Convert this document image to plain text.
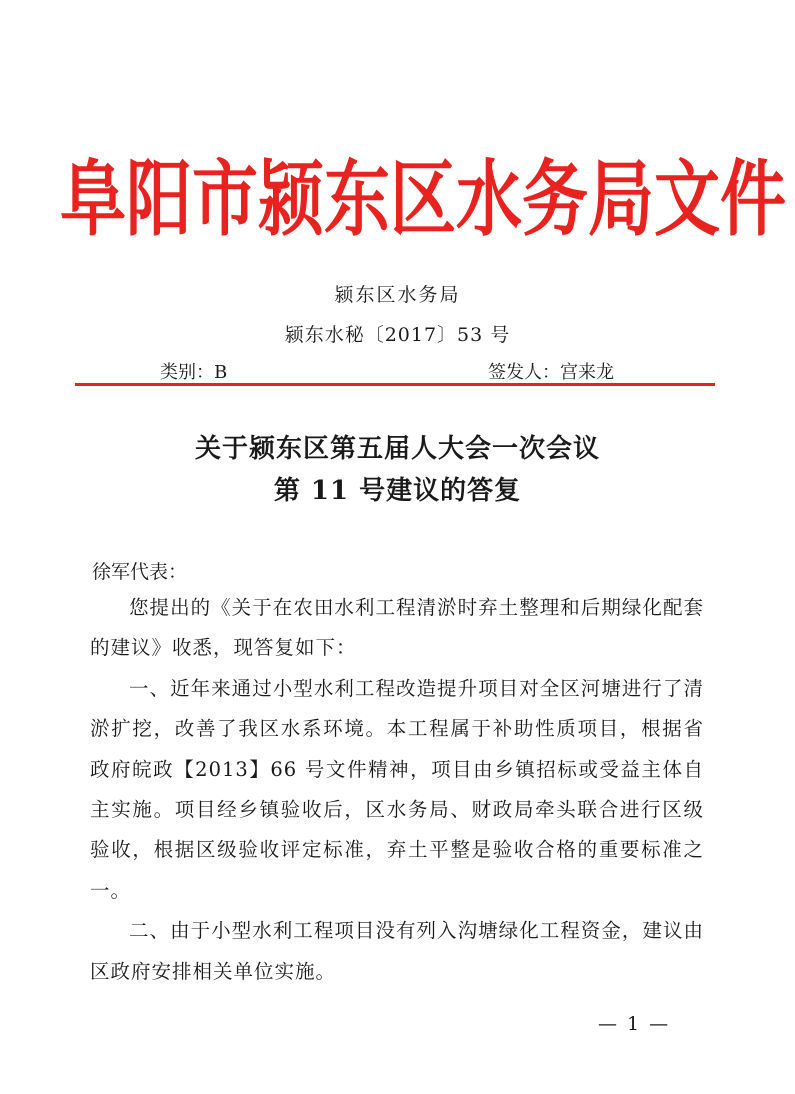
阜阳市颍东区水务局文件
颍东区水务局
颍东水秘〔2017〕53 号
类别：B	签发人：宫来龙
关于颍东区第五届人大会一次会议
第 11 号建议的答复
徐军代表：

您提出的《关于在农田水利工程清淤时弃土整理和后期绿化配套的建议》收悉，现答复如下：

一、近年来通过小型水利工程改造提升项目对全区河塘进行了清淤扩挖，改善了我区水系环境。本工程属于补助性质项目，根据省政府皖政【2013】66 号文件精神，项目由乡镇招标或受益主体自主实施。项目经乡镇验收后，区水务局、财政局牵头联合进行区级验收，根据区级验收评定标准，弃土平整是验收合格的重要标准之一。

二、由于小型水利工程项目没有列入沟塘绿化工程资金，建议由区政府安排相关单位实施。

— 1 —
